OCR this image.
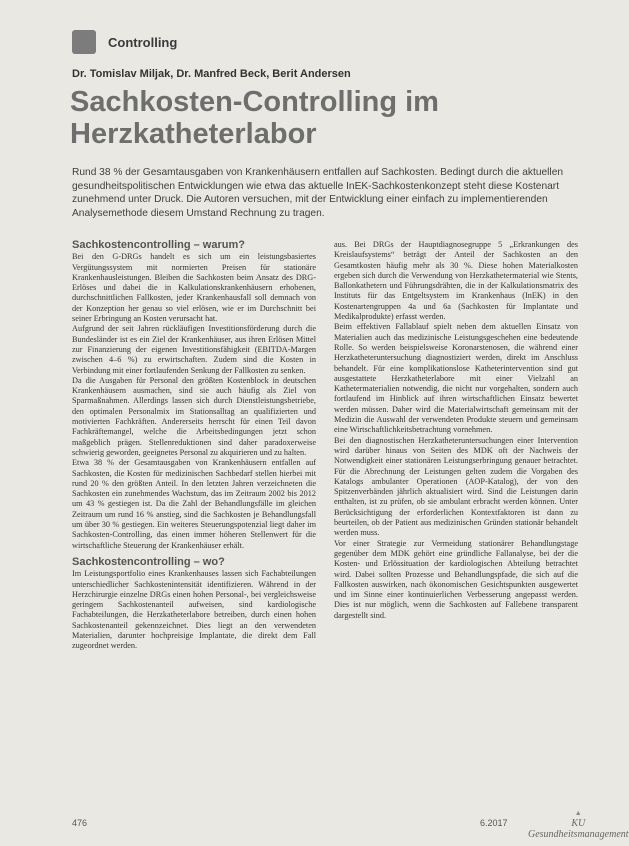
Controlling
Dr. Tomislav Miljak, Dr. Manfred Beck, Berit Andersen
Sachkosten-Controlling im
Herzkatheterlabor

Rund 38 % der Gesamtausgaben von Krankenhäusern entfallen auf Sachkosten. Bedingt durch die aktuellen gesundheitspolitischen Entwicklungen wie etwa das aktuelle InEK-Sachkostenkonzept steht diese Kostenart zunehmend unter Druck. Die Autoren versuchen, mit der Entwicklung einer einfach zu implementierenden Analysemethode diesem Umstand Rechnung zu tragen.

Sachkostencontrolling – warum?

Bei den G-DRGs handelt es sich um ein leistungsbasiertes Vergütungssystem mit normierten Preisen für stationäre Krankenhausleistungen. Bleiben die Sachkosten beim Ansatz des DRG-Erlöses und dabei die in Kalkulationskrankenhäusern erhobenen, durchschnittlichen Fallkosten, jeder Krankenhausfall soll demnach von der Konzeption her genau so viel erlösen, wie er im Durchschnitt bei seiner Erbringung an Kosten verursacht hat.

Aufgrund der seit Jahren rückläufigen Investitionsförderung durch die Bundesländer ist es ein Ziel der Krankenhäuser, aus ihren Erlösen Mittel zur Finanzierung der eigenen Investitionsfähigkeit (EBITDA-Margen zwischen 4–6 %) zu erwirtschaften. Zudem sind die Kosten in Verbindung mit einer fortlaufenden Senkung der Fallkosten zu senken.

Da die Ausgaben für Personal den größten Kostenblock in deutschen Krankenhäusern ausmachen, sind sie auch häufig als Ziel von Sparmaßnahmen. Allerdings lassen sich durch Dienstleistungsbetriebe, den optimalen Personalmix im Stationsalltag an qualifizierten und motivierten Fachkräften. Andererseits herrscht für einen Teil davon Fachkräftemangel, welche die Arbeitsbedingungen jetzt schon maßgeblich prägen. Stellenreduktionen sind daher paradoxerweise schwierig geworden, geeignetes Personal zu akquirieren und zu halten.

Etwa 38 % der Gesamtausgaben von Krankenhäusern entfallen auf Sachkosten, die Kosten für medizinischen Sachbedarf stellen hierbei mit rund 20 % den größten Anteil. In den letzten Jahren verzeichneten die Sachkosten ein zunehmendes Wachstum, das im Zeitraum 2002 bis 2012 um 43 % gestiegen ist. Da die Zahl der Behandlungsfälle im gleichen Zeitraum um rund 16 % anstieg, sind die Sachkosten je Behandlungsfall um über 30 % gestiegen. Ein weiteres Steuerungspotenzial liegt daher im Sachkosten-Controlling, das einen immer höheren Stellenwert für die wirtschaftliche Steuerung der Krankenhäuser erhält.

Sachkostencontrolling – wo?

Im Leistungsportfolio eines Krankenhauses lassen sich Fachabteilungen unterschiedlicher Sachkostenintensität identifizieren. Während in der Herzchirurgie einzelne DRGs einen hohen Personal-, bei vergleichsweise geringem Sachkostenanteil aufweisen, sind kardiologische Fachabteilungen, die Herzkatheterlabore betreiben, durch einen hohen Sachkostenanteil gekennzeichnet. Dies liegt an den verwendeten Materialien, darunter hochpreisige Implantate, die direkt dem Fall zugeordnet werden.

aus. Bei DRGs der Hauptdiagnosegruppe 5 „Erkrankungen des Kreislaufsystems“ beträgt der Anteil der Sachkosten an den Gesamtkosten häufig mehr als 30 %. Diese hohen Materialkosten ergeben sich durch die Verwendung von Herzkathetermaterial wie Stents, Ballonkathetern und Führungsdrähten, die in der Kalkulationsmatrix des Instituts für das Entgeltsystem im Krankenhaus (InEK) in den Kostenartengruppen 4a und 6a (Sachkosten für Implantate und Medikalprodukte) erfasst werden.

Beim effektiven Fallablauf spielt neben dem aktuellen Einsatz von Materialien auch das medizinische Leistungsgeschehen eine bedeutende Rolle. So werden beispielsweise Koronarstenosen, die während einer Herzkatheteruntersuchung diagnostiziert werden, direkt im Anschluss behandelt. Für eine komplikationslose Katheterintervention sind gut ausgestattete Herzkatheterlabore mit einer Vielzahl an Kathetermaterialien notwendig, die nicht nur vorgehalten, sondern auch fortlaufend im Hinblick auf ihren wirtschaftlichen Einsatz bewertet werden müssen. Daher wird die Materialwirtschaft gemeinsam mit der Medizin die Auswahl der verwendeten Produkte steuern und gemeinsam eine Wirtschaftlichkeitsbetrachtung vornehmen.

Bei den diagnostischen Herzkatheteruntersuchungen einer Intervention wird darüber hinaus von Seiten des MDK oft der Nachweis der Notwendigkeit einer stationären Leistungserbringung genauer betrachtet. Für die Abrechnung der Leistungen gelten zudem die Vorgaben des Katalogs ambulanter Operationen (AOP-Katalog), der von den Spitzenverbänden jährlich aktualisiert wird. Sind die Leistungen darin enthalten, ist zu prüfen, ob sie ambulant erbracht werden können. Unter Berücksichtigung der erforderlichen Kontextfaktoren ist dann zu beurteilen, ob der Patient aus medizinischen Gründen stationär behandelt werden muss.

Vor einer Strategie zur Vermeidung stationärer Behandlungstage gegenüber dem MDK gehört eine gründliche Fallanalyse, bei der die Kosten- und Erlössituation der kardiologischen Abteilung betrachtet wird. Dabei sollten Prozesse und Behandlungspfade, die sich auf die Fallkosten auswirken, nach ökonomischen Gesichtspunkten ausgewertet und im Sinne einer kontinuierlichen Verbesserung angepasst werden. Dies ist nur möglich, wenn die Sachkosten auf Fallebene transparent dargestellt sind.

476	6.2017
▲
KU Gesundheitsmanagement
